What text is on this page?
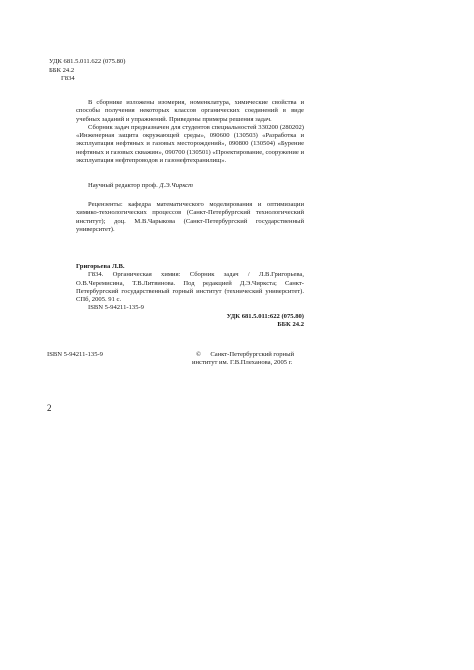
УДК 681.5.011.622 (075.80)
ББК 24.2
Г834

В сборнике изложены изомерия, номенклатура, химические свойства и способы получения некоторых классов органических соединений в виде учебных заданий и упражнений. Приведены примеры решения задач.

Сборник задач предназначен для студентов специальностей 330200 (280202) «Инженерная защита окружающей среды», 090600 (130503) «Разработка и эксплуатация нефтяных и газовых месторождений», 090800 (130504) «Бурение нефтяных и газовых скважин», 090700 (130501) «Проектирование, сооружение и эксплуатация нефтепроводов и газонефтехранилищ».

Научный редактор проф. Д.Э.Чиркст
Рецензенты: кафедра математического моделирования и оптимизации химико-технологических процессов (Санкт-Петербургский технологический институт); доц. М.В.Чарыкова (Санкт-Петербургский государственный университет).
Григорьева Л.В.
Г834. Органическая химия: Сборник задач / Л.В.Григорьева, О.В.Черемисина, Т.В.Литвинова. Под редакцией Д.Э.Чиркста; Санкт-Петербургский государственный горный институт (технический университет). СПб, 2005. 91 с.
ISBN 5-94211-135-9
УДК 681.5.011:622 (075.80)
ББК 24.2
ISBN 5-94211-135-9	© Санкт-Петербургский горный
институт им. Г.В.Плеханова, 2005 г.
2
